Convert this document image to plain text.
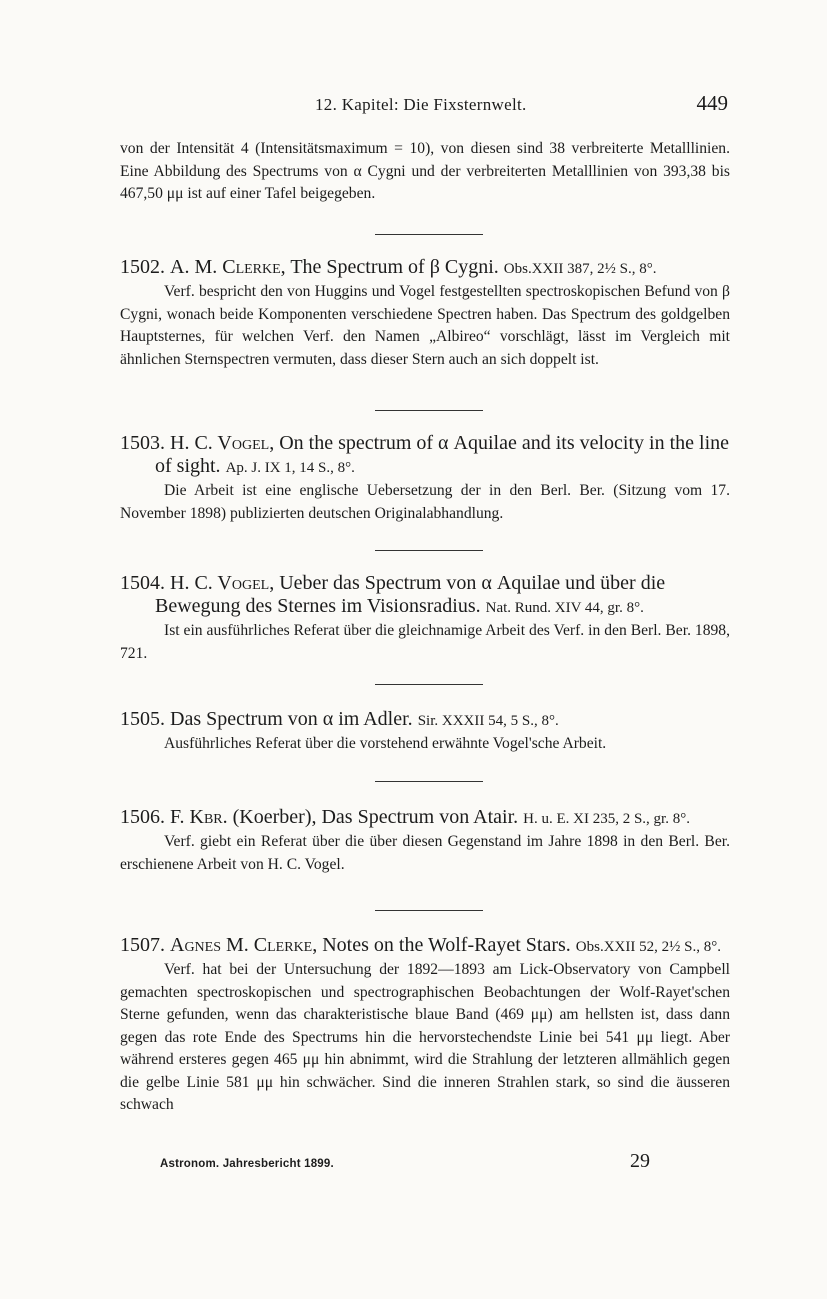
12. Kapitel: Die Fixsternwelt.	449

von der Intensität 4 (Intensitätsmaximum = 10), von diesen sind 38 verbreiterte Metalllinien. Eine Abbildung des Spectrums von α Cygni und der verbreiterten Metalllinien von 393,38 bis 467,50 μμ ist auf einer Tafel beigegeben.

1502. A. M. Clerke, The Spectrum of β Cygni. Obs.XXII 387, 2½ S., 8°.

Verf. bespricht den von Huggins und Vogel festgestellten spectroskopischen Befund von β Cygni, wonach beide Komponenten verschiedene Spectren haben. Das Spectrum des goldgelben Hauptsternes, für welchen Verf. den Namen „Albireo“ vorschlägt, lässt im Vergleich mit ähnlichen Sternspectren vermuten, dass dieser Stern auch an sich doppelt ist.

1503. H. C. Vogel, On the spectrum of α Aquilae and its velocity in the line of sight. Ap. J. IX 1, 14 S., 8°.

Die Arbeit ist eine englische Uebersetzung der in den Berl. Ber. (Sitzung vom 17. November 1898) publizierten deutschen Originalabhandlung.

1504. H. C. Vogel, Ueber das Spectrum von α Aquilae und über die Bewegung des Sternes im Visionsradius. Nat. Rund. XIV 44, gr. 8°.

Ist ein ausführliches Referat über die gleichnamige Arbeit des Verf. in den Berl. Ber. 1898, 721.

1505. Das Spectrum von α im Adler. Sir. XXXII 54, 5 S., 8°.

Ausführliches Referat über die vorstehend erwähnte Vogel'sche Arbeit.

1506. F. Kbr. (Koerber), Das Spectrum von Atair. H. u. E. XI 235, 2 S., gr. 8°.

Verf. giebt ein Referat über die über diesen Gegenstand im Jahre 1898 in den Berl. Ber. erschienene Arbeit von H. C. Vogel.

1507. Agnes M. Clerke, Notes on the Wolf-Rayet Stars. Obs.XXII 52, 2½ S., 8°.

Verf. hat bei der Untersuchung der 1892—1893 am Lick-Observatory von Campbell gemachten spectroskopischen und spectrographischen Beobachtungen der Wolf-Rayet'schen Sterne gefunden, wenn das charakteristische blaue Band (469 μμ) am hellsten ist, dass dann gegen das rote Ende des Spectrums hin die hervorstechendste Linie bei 541 μμ liegt. Aber während ersteres gegen 465 μμ hin abnimmt, wird die Strahlung der letzteren allmählich gegen die gelbe Linie 581 μμ hin schwächer. Sind die inneren Strahlen stark, so sind die äusseren schwach

Astronom. Jahresbericht 1899.	29
